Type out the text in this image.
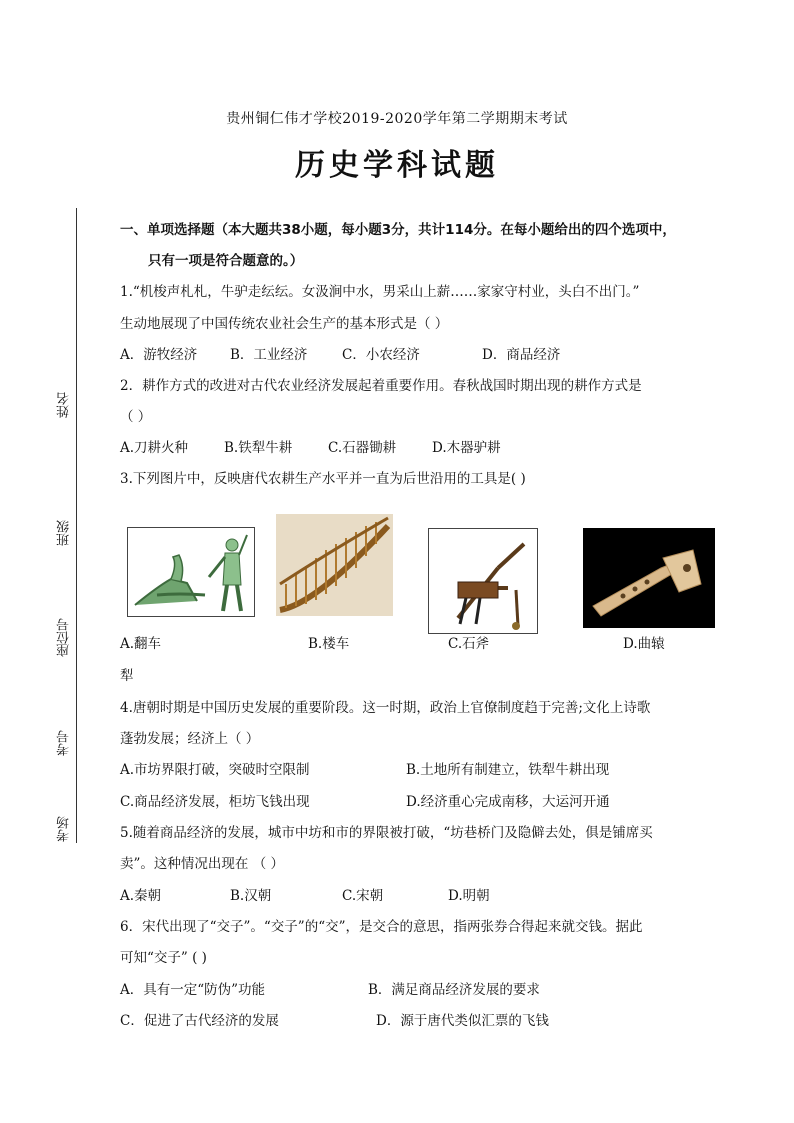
贵州铜仁伟才学校2019-2020学年第二学期期末考试
历史学科试题
姓名
班级
座位号
考号
考场
一、单项选择题（本大题共38小题，每小题3分，共计114分。在每小题给出的四个选项中，
只有一项是符合题意的。）
1.“机梭声札札，牛驴走纭纭。女汲涧中水，男采山上薪……家家守村业，头白不出门。”
生动地展现了中国传统农业社会生产的基本形式是（ ）
A．游牧经济 B．工业经济	C．小农经济	D．商品经济
2．耕作方式的改进对古代农业经济发展起着重要作用。春秋战国时期出现的耕作方式是
（ ）
A.刀耕火种	B.铁犁牛耕	C.石器锄耕	D.木器驴耕
3.下列图片中，反映唐代农耕生产水平并一直为后世沿用的工具是( )
A.翻车	B.楼车	C.石斧	D.曲辕
犁
4.唐朝时期是中国历史发展的重要阶段。这一时期，政治上官僚制度趋于完善;文化上诗歌
蓬勃发展；经济上（ ）
A.市坊界限打破，突破时空限制	B.土地所有制建立，铁犁牛耕出现
C.商品经济发展，柜坊飞钱出现	D.经济重心完成南移，大运河开通
5.随着商品经济的发展，城市中坊和市的界限被打破，“坊巷桥门及隐僻去处，俱是铺席买
卖”。这种情况出现在 （ ）
A.秦朝	B.汉朝	C.宋朝	D.明朝
6．宋代出现了“交子”。“交子”的“交”，是交合的意思，指两张券合得起来就交钱。据此
可知“交子” ( )
A．具有一定“防伪”功能	B．满足商品经济发展的要求
C．促进了古代经济的发展	D．源于唐代类似汇票的飞钱
